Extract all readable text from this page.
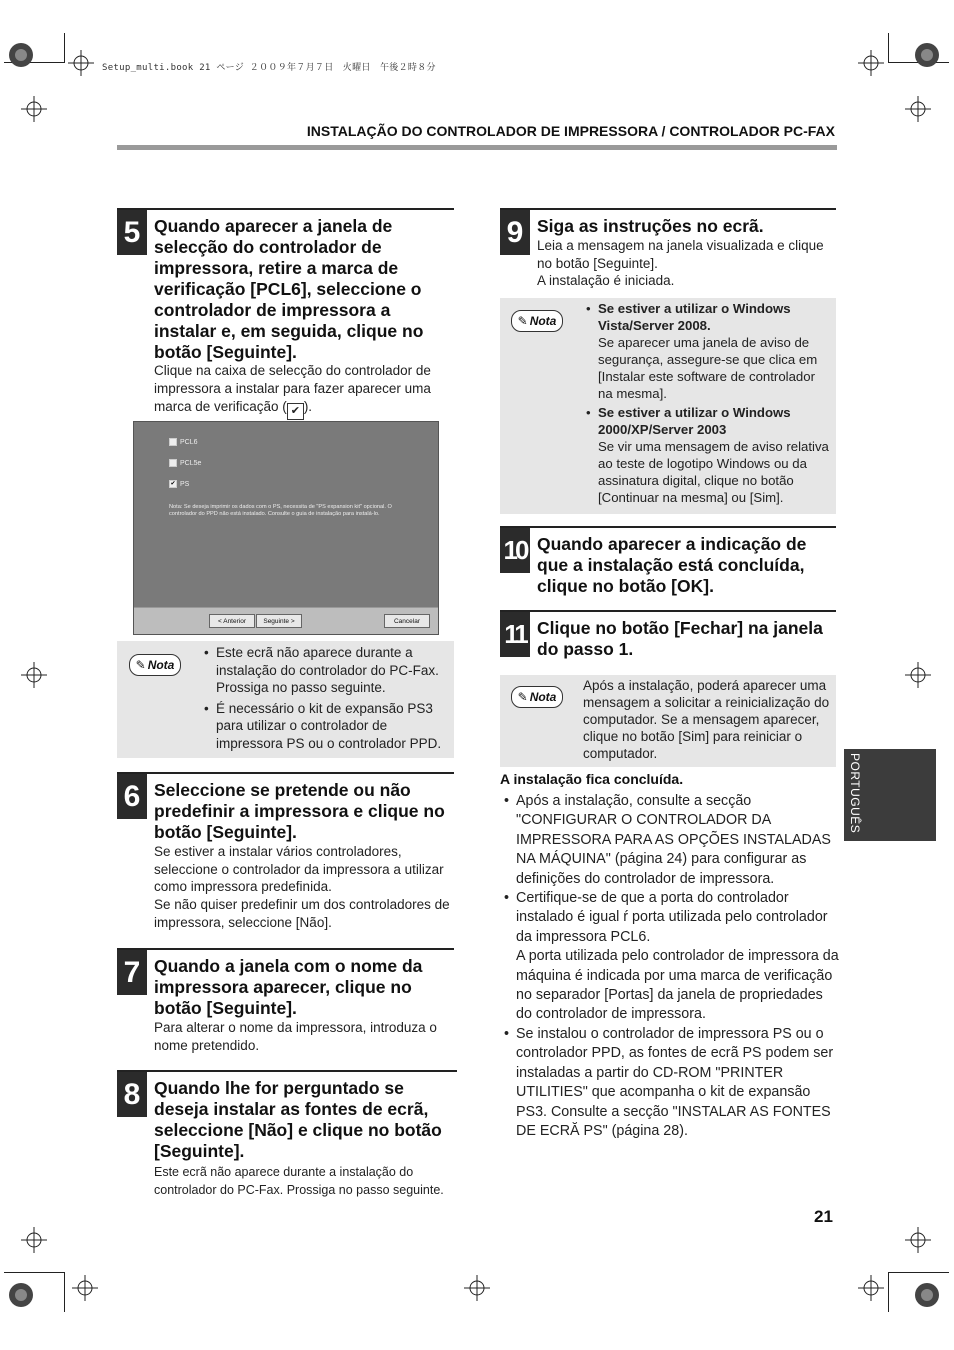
Setup_multi.book 21 ページ ２００９年７月７日　火曜日　午後２時８分
INSTALAÇÃO DO CONTROLADOR DE IMPRESSORA / CONTROLADOR PC-FAX
5 Quando aparecer a janela de selecção do controlador de impressora, retire a marca de verificação [PCL6], seleccione o controlador de impressora a instalar e, em seguida, clique no botão [Seguinte].
Clique na caixa de selecção do controlador de impressora a instalar para fazer aparecer uma marca de verificação ( ✔ ).
PCL6
PCL5e
✔ PS
Nota: Se deseja imprimir os dados com o PS, necessita de "PS expansion kit" opcional. O controlador do PPD não está instalado. Consulte o guia de instalação para instalá-lo.
< Anterior	Seguinte >	Cancelar
✎ Nota
• Este ecrã não aparece durante a instalação do controlador do PC-Fax. Prossiga no passo seguinte.
• É necessário o kit de expansão PS3 para utilizar o controlador de impressora PS ou o controlador PPD.
6 Seleccione se pretende ou não predefinir a impressora e clique no botão [Seguinte].
Se estiver a instalar vários controladores, seleccione o controlador da impressora a utilizar como impressora predefinida.
Se não quiser predefinir um dos controladores de impressora, seleccione [Não].
7 Quando a janela com o nome da impressora aparecer, clique no botão [Seguinte].
Para alterar o nome da impressora, introduza o nome pretendido.
8 Quando lhe for perguntado se deseja instalar as fontes de ecrã, seleccione [Não] e clique no botão [Seguinte].
Este ecrã não aparece durante a instalação do controlador do PC-Fax. Prossiga no passo seguinte.
9 Siga as instruções no ecrã.
Leia a mensagem na janela visualizada e clique no botão [Seguinte].
A instalação é iniciada.
✎ Nota
• Se estiver a utilizar o Windows Vista/Server 2008.
Se aparecer uma janela de aviso de segurança, assegure-se que clica em [Instalar este software de controlador na mesma].
• Se estiver a utilizar o Windows 2000/XP/Server 2003
Se vir uma mensagem de aviso relativa ao teste de logotipo Windows ou da assinatura digital, clique no botão [Continuar na mesma] ou [Sim].
10 Quando aparecer a indicação de que a instalação está concluída, clique no botão [OK].
11 Clique no botão [Fechar] na janela do passo 1.
✎ Nota
Após a instalação, poderá aparecer uma mensagem a solicitar a reinicialização do computador. Se a mensagem aparecer, clique no botão [Sim] para reiniciar o computador.
A instalação fica concluída.
• Após a instalação, consulte a secção "CONFIGURAR O CONTROLADOR DA IMPRESSORA PARA AS OPÇÕES INSTALADAS NA MÁQUINA" (página 24) para configurar as definições do controlador de impressora.
• Certifique-se de que a porta do controlador instalado é igual ŕ porta utilizada pelo controlador da impressora PCL6.
A porta utilizada pelo controlador de impressora da máquina é indicada por uma marca de verificação no separador [Portas] da janela de propriedades do controlador de impressora.
• Se instalou o controlador de impressora PS ou o controlador PPD, as fontes de ecrã PS podem ser instaladas a partir do CD-ROM "PRINTER UTILITIES" que acompanha o kit de expansão PS3. Consulte a secção "INSTALAR AS FONTES DE ECRĂ PS" (página 28).
PORTUGUÊS
21
